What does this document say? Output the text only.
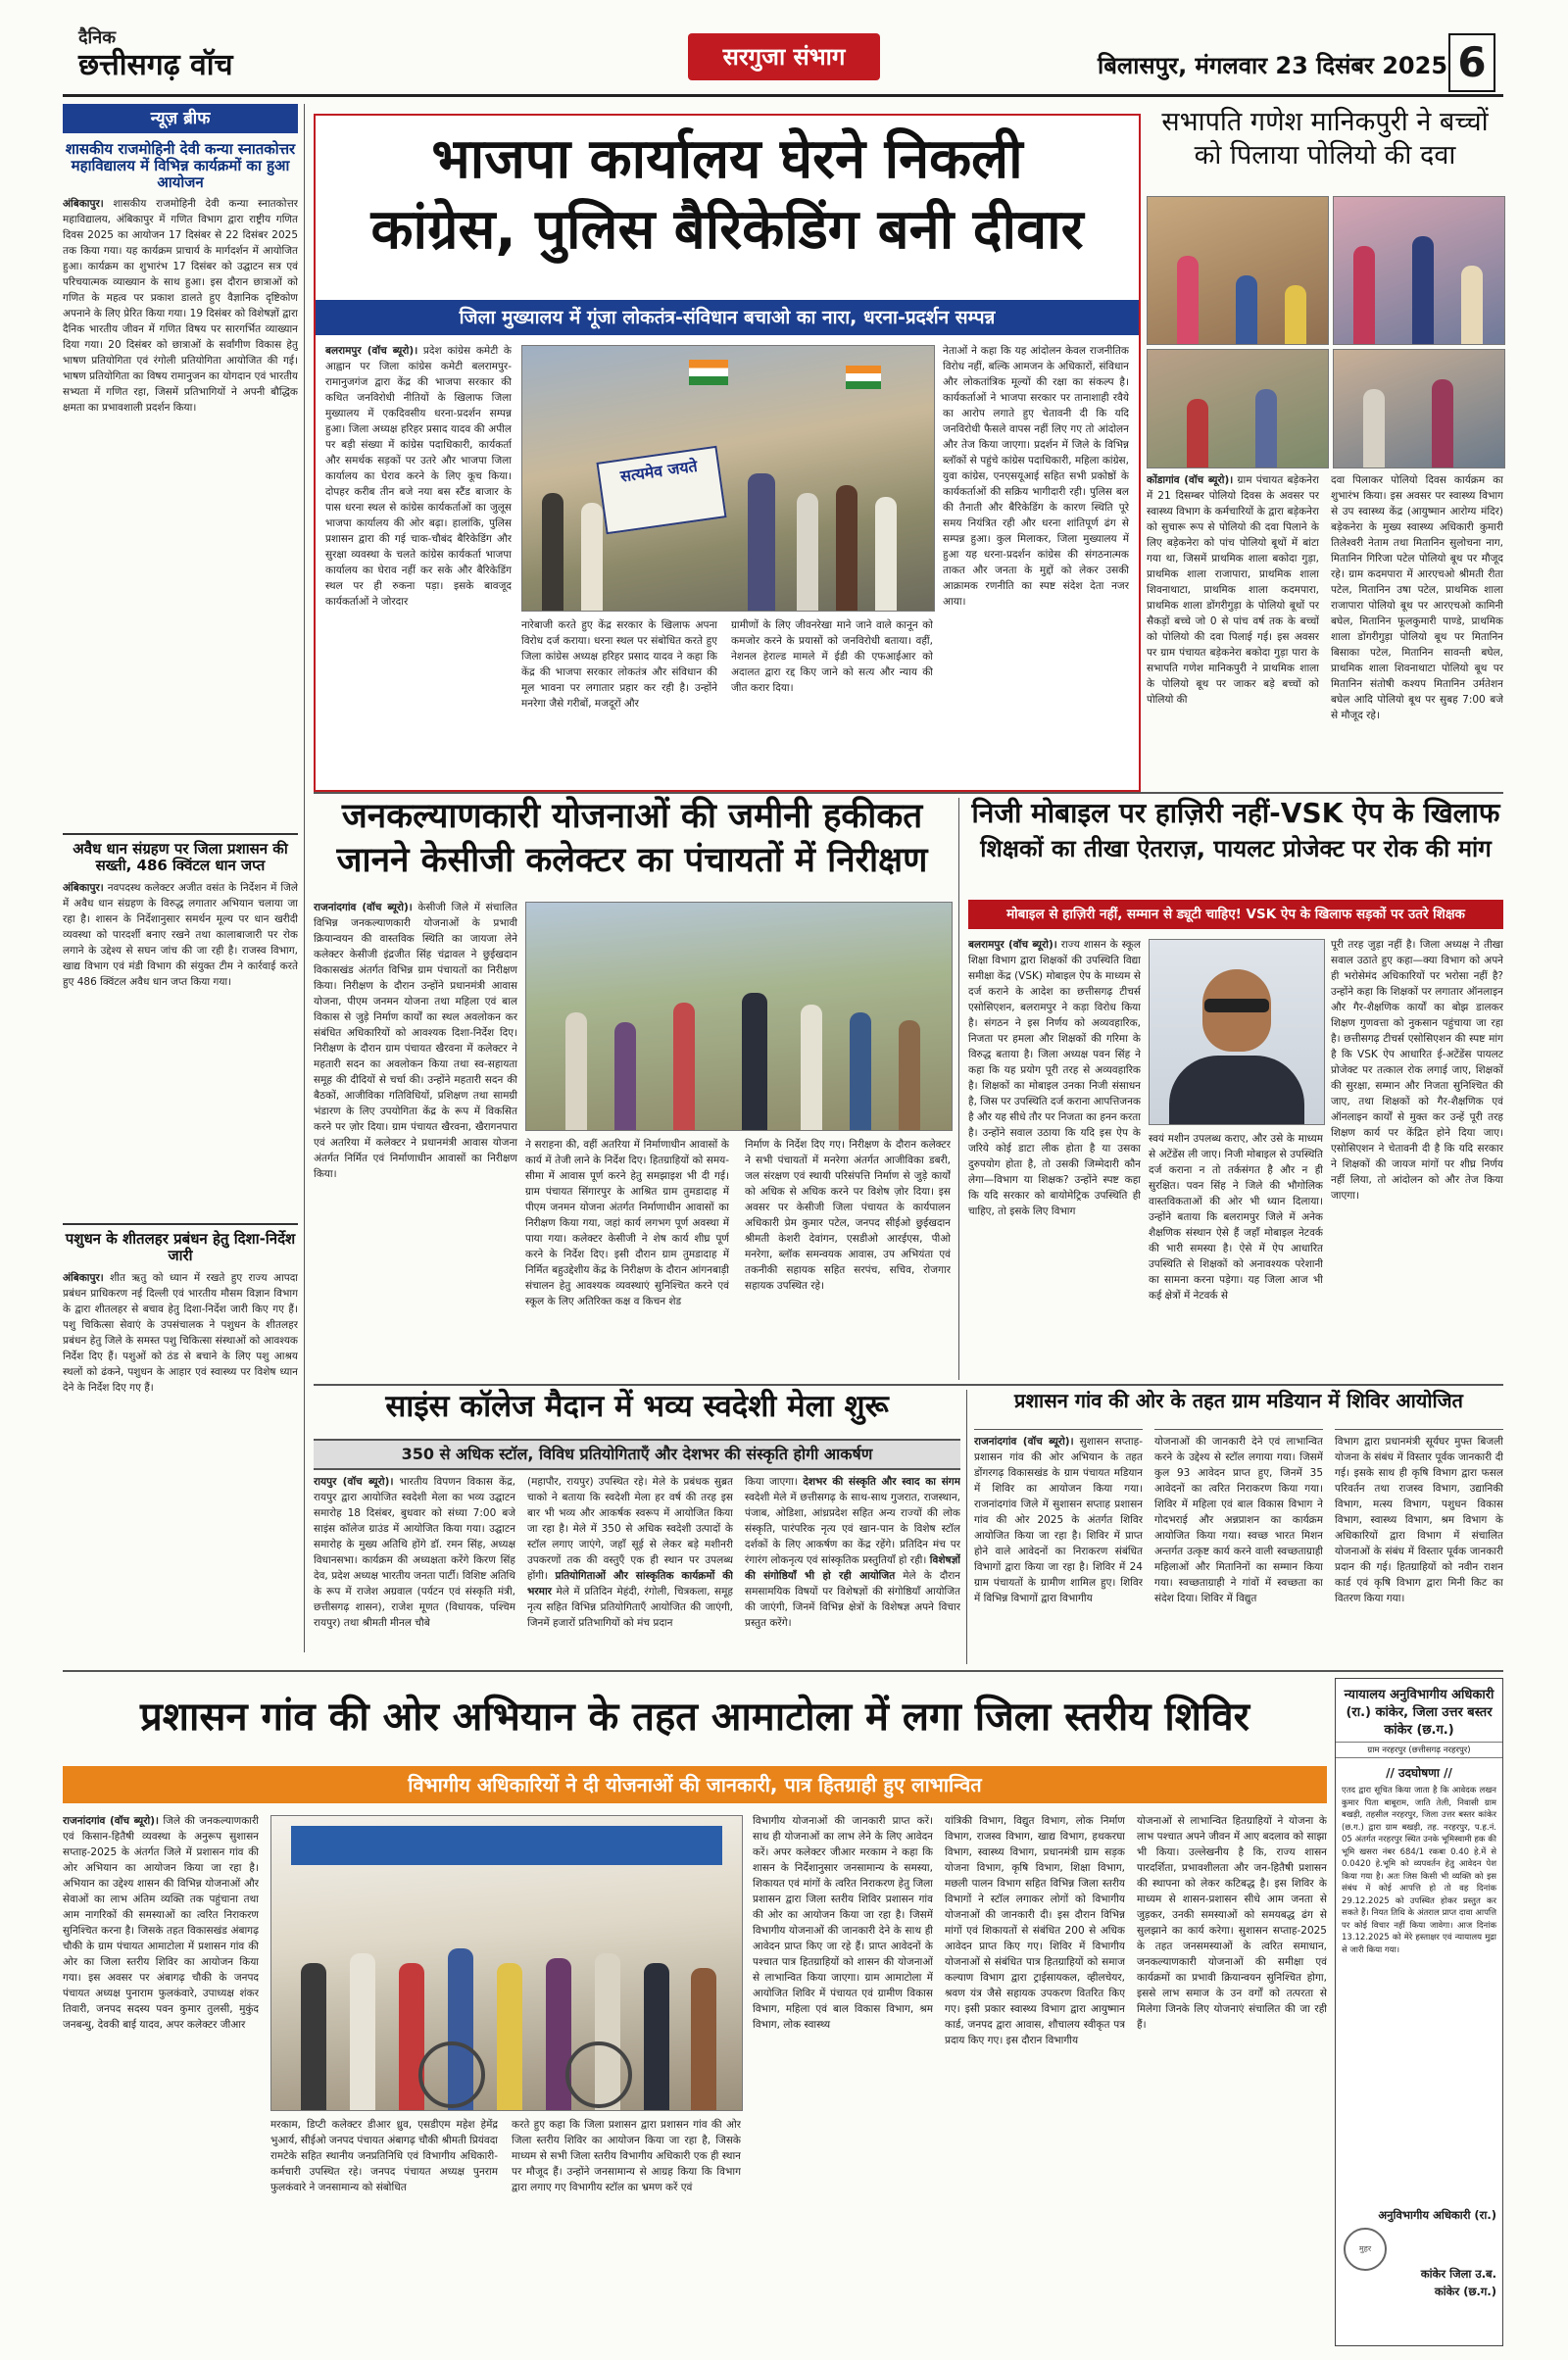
दैनिक
छत्तीसगढ़ वॉच	सरगुजा संभाग	बिलासपुर, मंगलवार 23 दिसंबर 2025 6
न्यूज़ ब्रीफ
शासकीय राजमोहिनी देवी कन्या स्नातकोत्तर महाविद्यालय में विभिन्न कार्यक्रमों का हुआ आयोजन
अंबिकापुर। शासकीय राजमोहिनी देवी कन्या स्नातकोत्तर महाविद्यालय, अंबिकापुर में गणित विभाग द्वारा राष्ट्रीय गणित दिवस 2025 का आयोजन 17 दिसंबर से 22 दिसंबर 2025 तक किया गया। यह कार्यक्रम प्राचार्य के मार्गदर्शन में आयोजित हुआ। कार्यक्रम का शुभारंभ 17 दिसंबर को उद्घाटन सत्र एवं परिचयात्मक व्याख्यान के साथ हुआ। इस दौरान छात्राओं को गणित के महत्व पर प्रकाश डालते हुए वैज्ञानिक दृष्टिकोण अपनाने के लिए प्रेरित किया गया। 19 दिसंबर को विशेषज्ञों द्वारा दैनिक भारतीय जीवन में गणित विषय पर सारगर्भित व्याख्यान दिया गया। 20 दिसंबर को छात्राओं के सर्वांगीण विकास हेतु भाषण प्रतियोगिता एवं रंगोली प्रतियोगिता आयोजित की गई। भाषण प्रतियोगिता का विषय रामानुजन का योगदान एवं भारतीय सभ्यता में गणित रहा, जिसमें प्रतिभागियों ने अपनी बौद्धिक क्षमता का प्रभावशाली प्रदर्शन किया।
अवैध धान संग्रहण पर जिला प्रशासन की सख्ती, 486 क्विंटल धान जप्त
अंबिकापुर। नवपदस्थ कलेक्टर अजीत वसंत के निर्देशन में जिले में अवैध धान संग्रहण के विरुद्ध लगातार अभियान चलाया जा रहा है। शासन के निर्देशानुसार समर्थन मूल्य पर धान खरीदी व्यवस्था को पारदर्शी बनाए रखने तथा कालाबाजारी पर रोक लगाने के उद्देश्य से सघन जांच की जा रही है। राजस्व विभाग, खाद्य विभाग एवं मंडी विभाग की संयुक्त टीम ने कार्रवाई करते हुए 486 क्विंटल अवैध धान जप्त किया गया।
पशुधन के शीतलहर प्रबंधन हेतु दिशा-निर्देश जारी
अंबिकापुर। शीत ऋतु को ध्यान में रखते हुए राज्य आपदा प्रबंधन प्राधिकरण नई दिल्ली एवं भारतीय मौसम विज्ञान विभाग के द्वारा शीतलहर से बचाव हेतु दिशा-निर्देश जारी किए गए हैं। पशु चिकित्सा सेवाएं के उपसंचालक ने पशुधन के शीतलहर प्रबंधन हेतु जिले के समस्त पशु चिकित्सा संस्थाओं को आवश्यक निर्देश दिए हैं। पशुओं को ठंड से बचाने के लिए पशु आश्रय स्थलों को ढंकने, पशुधन के आहार एवं स्वास्थ्य पर विशेष ध्यान देने के निर्देश दिए गए हैं।
भाजपा कार्यालय घेरने निकली
कांग्रेस, पुलिस बैरिकेडिंग बनी दीवार
जिला मुख्यालय में गूंजा लोकतंत्र-संविधान बचाओ का नारा, धरना-प्रदर्शन सम्पन्न
बलरामपुर (वॉच ब्यूरो)। प्रदेश कांग्रेस कमेटी के आह्वान पर जिला कांग्रेस कमेटी बलरामपुर-रामानुजगंज द्वारा केंद्र की भाजपा सरकार की कथित जनविरोधी नीतियों के खिलाफ जिला मुख्यालय में एकदिवसीय धरना-प्रदर्शन सम्पन्न हुआ। जिला अध्यक्ष हरिहर प्रसाद यादव की अपील पर बड़ी संख्या में कांग्रेस पदाधिकारी, कार्यकर्ता और समर्थक सड़कों पर उतरे और भाजपा जिला कार्यालय का घेराव करने के लिए कूच किया। दोपहर करीब तीन बजे नया बस स्टैंड बाजार के पास धरना स्थल से कांग्रेस कार्यकर्ताओं का जुलूस भाजपा कार्यालय की ओर बढ़ा। हालांकि, पुलिस प्रशासन द्वारा की गई चाक-चौबंद बैरिकेडिंग और सुरक्षा व्यवस्था के चलते कांग्रेस कार्यकर्ता भाजपा कार्यालय का घेराव नहीं कर सके और बैरिकेडिंग स्थल पर ही रुकना पड़ा। इसके बावजूद कार्यकर्ताओं ने जोरदार
सत्यमेव जयते
नारेबाजी करते हुए केंद्र सरकार के खिलाफ अपना विरोध दर्ज कराया। धरना स्थल पर संबोधित करते हुए जिला कांग्रेस अध्यक्ष हरिहर प्रसाद यादव ने कहा कि केंद्र की भाजपा सरकार लोकतंत्र और संविधान की मूल भावना पर लगातार प्रहार कर रही है। उन्होंने मनरेगा जैसे गरीबों, मजदूरों और
ग्रामीणों के लिए जीवनरेखा माने जाने वाले कानून को कमजोर करने के प्रयासों को जनविरोधी बताया। वहीं, नेशनल हेराल्ड मामले में ईडी की एफआईआर को अदालत द्वारा रद्द किए जाने को सत्य और न्याय की जीत करार दिया।
नेताओं ने कहा कि यह आंदोलन केवल राजनीतिक विरोध नहीं, बल्कि आमजन के अधिकारों, संविधान और लोकतांत्रिक मूल्यों की रक्षा का संकल्प है। कार्यकर्ताओं ने भाजपा सरकार पर तानाशाही रवैये का आरोप लगाते हुए चेतावनी दी कि यदि जनविरोधी फैसले वापस नहीं लिए गए तो आंदोलन और तेज किया जाएगा। प्रदर्शन में जिले के विभिन्न ब्लॉकों से पहुंचे कांग्रेस पदाधिकारी, महिला कांग्रेस, युवा कांग्रेस, एनएसयूआई सहित सभी प्रकोष्ठों के कार्यकर्ताओं की सक्रिय भागीदारी रही। पुलिस बल की तैनाती और बैरिकेडिंग के कारण स्थिति पूरे समय नियंत्रित रही और धरना शांतिपूर्ण ढंग से सम्पन्न हुआ। कुल मिलाकर, जिला मुख्यालय में हुआ यह धरना-प्रदर्शन कांग्रेस की संगठनात्मक ताकत और जनता के मुद्दों को लेकर उसकी आक्रामक रणनीति का स्पष्ट संदेश देता नजर आया।
सभापति गणेश मानिकपुरी ने बच्चों
को पिलाया पोलियो की दवा
कोंडागांव (वॉच ब्यूरो)। ग्राम पंचायत बड़ेकनेरा में 21 दिसम्बर पोलियो दिवस के अवसर पर स्वास्थ्य विभाग के कर्मचारियों के द्वारा बड़ेकनेरा को सुचारू रूप से पोलियो की दवा पिलाने के लिए बड़ेकनेरा को पांच पोलियो बूथों में बांटा गया था, जिसमें प्राथमिक शाला बकोदा गुड़ा, प्राथमिक शाला राजापारा, प्राथमिक शाला शिवनाथाटा, प्राथमिक शाला कदमपारा, प्राथमिक शाला डोंगरीगुड़ा के पोलियो बूथों पर सैकड़ों बच्चे जो 0 से पांच वर्ष तक के बच्चों को पोलियो की दवा पिलाई गई। इस अवसर पर ग्राम पंचायत बड़ेकनेरा बकोदा गुड़ा पारा के सभापति गणेश मानिकपुरी ने प्राथमिक शाला के पोलियो बूथ पर जाकर बड़े बच्चों को पोलियो की
दवा पिलाकर पोलियो दिवस कार्यक्रम का शुभारंभ किया। इस अवसर पर स्वास्थ्य विभाग से उप स्वास्थ्य केंद्र (आयुष्मान आरोग्य मंदिर) बड़ेकनेरा के मुख्य स्वास्थ्य अधिकारी कुमारी तिलेश्वरी नेताम तथा मितानिन सुलोचना नाग, मितानिन गिरिजा पटेल पोलियो बूथ पर मौजूद रहे। ग्राम कदमपारा में आरएचओ श्रीमती रीता पटेल, मितानिन उषा पटेल, प्राथमिक शाला राजापारा पोलियो बूथ पर आरएचओ कामिनी बघेल, मितानिन फूलकुमारी पाण्डे, प्राथमिक शाला डोंगरीगुड़ा पोलियो बूथ पर मितानिन बिसाका पटेल, मितानिन सावन्ती बघेल, प्राथमिक शाला शिवनाथाटा पोलियो बूथ पर मितानिन संतोषी कश्यप मितानिन उर्मतेशन बघेल आदि पोलियो बूथ पर सुबह 7:00 बजे से मौजूद रहे।
जनकल्याणकारी योजनाओं की जमीनी हकीकत
जानने केसीजी कलेक्टर का पंचायतों में निरीक्षण
राजनांदगांव (वॉच ब्यूरो)। केसीजी जिले में संचालित विभिन्न जनकल्याणकारी योजनाओं के प्रभावी क्रियान्वयन की वास्तविक स्थिति का जायजा लेने कलेक्टर केसीजी इंद्रजीत सिंह चंद्रावल ने छुईखदान विकासखंड अंतर्गत विभिन्न ग्राम पंचायतों का निरीक्षण किया। निरीक्षण के दौरान उन्होंने प्रधानमंत्री आवास योजना, पीएम जनमन योजना तथा महिला एवं बाल विकास से जुड़े निर्माण कार्यों का स्थल अवलोकन कर संबंधित अधिकारियों को आवश्यक दिशा-निर्देश दिए। निरीक्षण के दौरान ग्राम पंचायत खैरवना में कलेक्टर ने महतारी सदन का अवलोकन किया तथा स्व-सहायता समूह की दीदियों से चर्चा की। उन्होंने महतारी सदन की बैठकों, आजीविका गतिविधियों, प्रशिक्षण तथा सामग्री भंडारण के लिए उपयोगिता केंद्र के रूप में विकसित करने पर ज़ोर दिया। ग्राम पंचायत खैरवना, खैरागनपारा एवं अतरिया में कलेक्टर ने प्रधानमंत्री आवास योजना अंतर्गत निर्मित एवं निर्माणाधीन आवासों का निरीक्षण किया।
ने सराहना की, वहीं अतरिया में निर्माणाधीन आवासों के कार्य में तेजी लाने के निर्देश दिए। हितग्राहियों को समय-सीमा में आवास पूर्ण करने हेतु समझाइश भी दी गई। ग्राम पंचायत सिंगारपुर के आश्रित ग्राम तुमडादाह में पीएम जनमन योजना अंतर्गत निर्माणाधीन आवासों का निरीक्षण किया गया, जहां कार्य लगभग पूर्ण अवस्था में पाया गया। कलेक्टर केसीजी ने शेष कार्य शीघ्र पूर्ण करने के निर्देश दिए। इसी दौरान ग्राम तुमडादाह में निर्मित बहुउद्देशीय केंद्र के निरीक्षण के दौरान आंगनबाड़ी संचालन हेतु आवश्यक व्यवस्थाएं सुनिश्चित करने एवं स्कूल के लिए अतिरिक्त कक्ष व किचन शेड
निर्माण के निर्देश दिए गए। निरीक्षण के दौरान कलेक्टर ने सभी पंचायतों में मनरेगा अंतर्गत आजीविका डबरी, जल संरक्षण एवं स्थायी परिसंपत्ति निर्माण से जुड़े कार्यों को अधिक से अधिक करने पर विशेष ज़ोर दिया। इस अवसर पर केसीजी जिला पंचायत के कार्यपालन अधिकारी प्रेम कुमार पटेल, जनपद सीईओ छुईखदान श्रीमती केशरी देवांगन, एसडीओ आरईएस, पीओ मनरेगा, ब्लॉक समन्वयक आवास, उप अभियंता एवं तकनीकी सहायक सहित सरपंच, सचिव, रोजगार सहायक उपस्थित रहे।
निजी मोबाइल पर हाज़िरी नहीं-VSK ऐप के खिलाफ
शिक्षकों का तीखा ऐतराज़, पायलट प्रोजेक्ट पर रोक की मांग
मोबाइल से हाज़िरी नहीं, सम्मान से ड्यूटी चाहिए! VSK ऐप के खिलाफ सड़कों पर उतरे शिक्षक
बलरामपुर (वॉच ब्यूरो)। राज्य शासन के स्कूल शिक्षा विभाग द्वारा शिक्षकों की उपस्थिति विद्या समीक्षा केंद्र (VSK) मोबाइल ऐप के माध्यम से दर्ज कराने के आदेश का छत्तीसगढ़ टीचर्स एसोसिएशन, बलरामपुर ने कड़ा विरोध किया है। संगठन ने इस निर्णय को अव्यवहारिक, निजता पर हमला और शिक्षकों की गरिमा के विरुद्ध बताया है। जिला अध्यक्ष पवन सिंह ने कहा कि यह प्रयोग पूरी तरह से अव्यवहारिक है। शिक्षकों का मोबाइल उनका निजी संसाधन है, जिस पर उपस्थिति दर्ज कराना आपत्तिजनक है और यह सीधे तौर पर निजता का हनन करता है। उन्होंने सवाल उठाया कि यदि इस ऐप के जरिये कोई डाटा लीक होता है या उसका दुरुपयोग होता है, तो उसकी जिम्मेदारी कौन लेगा—विभाग या शिक्षक? उन्होंने स्पष्ट कहा कि यदि सरकार को बायोमेट्रिक उपस्थिति ही चाहिए, तो इसके लिए विभाग
स्वयं मशीन उपलब्ध कराए, और उसे के माध्यम से अटेंडेंस ली जाए। निजी मोबाइल से उपस्थिति दर्ज कराना न तो तर्कसंगत है और न ही सुरक्षित। पवन सिंह ने जिले की भौगोलिक वास्तविकताओं की ओर भी ध्यान दिलाया। उन्होंने बताया कि बलरामपुर जिले में अनेक शैक्षणिक संस्थान ऐसे हैं जहाँ मोबाइल नेटवर्क की भारी समस्या है। ऐसे में ऐप आधारित उपस्थिति से शिक्षकों को अनावश्यक परेशानी का सामना करना पड़ेगा। यह जिला आज भी कई क्षेत्रों में नेटवर्क से
पूरी तरह जुड़ा नहीं है। जिला अध्यक्ष ने तीखा सवाल उठाते हुए कहा—क्या विभाग को अपने ही भरोसेमंद अधिकारियों पर भरोसा नहीं है? उन्होंने कहा कि शिक्षकों पर लगातार ऑनलाइन और गैर-शैक्षणिक कार्यों का बोझ डालकर शिक्षण गुणवत्ता को नुकसान पहुंचाया जा रहा है। छत्तीसगढ़ टीचर्स एसोसिएशन की स्पष्ट मांग है कि VSK ऐप आधारित ई-अटेंडेंस पायलट प्रोजेक्ट पर तत्काल रोक लगाई जाए, शिक्षकों की सुरक्षा, सम्मान और निजता सुनिश्चित की जाए, तथा शिक्षकों को गैर-शैक्षणिक एवं ऑनलाइन कार्यों से मुक्त कर उन्हें पूरी तरह शिक्षण कार्य पर केंद्रित होने दिया जाए। एसोसिएशन ने चेतावनी दी है कि यदि सरकार ने शिक्षकों की जायज मांगों पर शीघ्र निर्णय नहीं लिया, तो आंदोलन को और तेज किया जाएगा।
साइंस कॉलेज मैदान में भव्य स्वदेशी मेला शुरू
350 से अधिक स्टॉल, विविध प्रतियोगिताएँ और देशभर की संस्कृति होगी आकर्षण
रायपुर (वॉच ब्यूरो)। भारतीय विपणन विकास केंद्र, रायपुर द्वारा आयोजित स्वदेशी मेला का भव्य उद्घाटन समारोह 18 दिसंबर, बुधवार को संध्या 7:00 बजे साइंस कॉलेज ग्राउंड में आयोजित किया गया। उद्घाटन समारोह के मुख्य अतिथि होंगे डॉ. रमन सिंह, अध्यक्ष विधानसभा। कार्यक्रम की अध्यक्षता करेंगे किरण सिंह देव, प्रदेश अध्यक्ष भारतीय जनता पार्टी। विशिष्ट अतिथि के रूप में राजेश अग्रवाल (पर्यटन एवं संस्कृति मंत्री, छत्तीसगढ़ शासन), राजेश मूणत (विधायक, पश्चिम रायपुर) तथा श्रीमती मीनल चौबे
(महापौर, रायपुर) उपस्थित रहे। मेले के प्रबंधक सुब्रत चाको ने बताया कि स्वदेशी मेला हर वर्ष की तरह इस बार भी भव्य और आकर्षक स्वरूप में आयोजित किया जा रहा है। मेले में 350 से अधिक स्वदेशी उत्पादों के स्टॉल लगाए जाएंगे, जहाँ सूई से लेकर बड़े मशीनरी उपकरणों तक की वस्तुएँ एक ही स्थान पर उपलब्ध होंगी। प्रतियोगिताओं और सांस्कृतिक कार्यक्रमों की भरमार मेले में प्रतिदिन मेहंदी, रंगोली, चित्रकला, समूह नृत्य सहित विभिन्न प्रतियोगिताएँ आयोजित की जाएंगी, जिनमें हजारों प्रतिभागियों को मंच प्रदान
किया जाएगा। देशभर की संस्कृति और स्वाद का संगम स्वदेशी मेले में छत्तीसगढ़ के साथ-साथ गुजरात, राजस्थान, पंजाब, ओडिशा, आंध्रप्रदेश सहित अन्य राज्यों की लोक संस्कृति, पारंपरिक नृत्य एवं खान-पान के विशेष स्टॉल दर्शकों के लिए आकर्षण का केंद्र रहेंगे। प्रतिदिन मंच पर रंगारंग लोकनृत्य एवं सांस्कृतिक प्रस्तुतियाँ हो रही। विशेषज्ञों की संगोष्ठियाँ भी हो रही आयोजित मेले के दौरान समसामयिक विषयों पर विशेषज्ञों की संगोष्ठियाँ आयोजित की जाएंगी, जिनमें विभिन्न क्षेत्रों के विशेषज्ञ अपने विचार प्रस्तुत करेंगे।
प्रशासन गांव की ओर के तहत ग्राम मडियान में शिविर आयोजित
राजनांदगांव (वॉच ब्यूरो)। सुशासन सप्ताह-प्रशासन गांव की ओर अभियान के तहत डोंगरगढ़ विकासखंड के ग्राम पंचायत मडियान में शिविर का आयोजन किया गया। राजनांदगांव जिले में सुशासन सप्ताह प्रशासन गांव की ओर 2025 के अंतर्गत शिविर आयोजित किया जा रहा है। शिविर में प्राप्त होने वाले आवेदनों का निराकरण संबंधित विभागों द्वारा किया जा रहा है। शिविर में 24 ग्राम पंचायतों के ग्रामीण शामिल हुए। शिविर में विभिन्न विभागों द्वारा विभागीय
योजनाओं की जानकारी देने एवं लाभान्वित करने के उद्देश्य से स्टॉल लगाया गया। जिसमें कुल 93 आवेदन प्राप्त हुए, जिनमें 35 आवेदनों का त्वरित निराकरण किया गया। शिविर में महिला एवं बाल विकास विभाग ने गोदभराई और अन्नप्राशन का कार्यक्रम आयोजित किया गया। स्वच्छ भारत मिशन अन्तर्गत उत्कृष्ट कार्य करने वाली स्वच्छताग्राही महिलाओं और मितानिनों का सम्मान किया गया। स्वच्छताग्राही ने गांवों में स्वच्छता का संदेश दिया। शिविर में विद्युत
विभाग द्वारा प्रधानमंत्री सूर्यघर मुफ्त बिजली योजना के संबंध में विस्तार पूर्वक जानकारी दी गई। इसके साथ ही कृषि विभाग द्वारा फसल परिवर्तन तथा राजस्व विभाग, उद्यानिकी विभाग, मत्स्य विभाग, पशुधन विकास विभाग, स्वास्थ्य विभाग, श्रम विभाग के अधिकारियों द्वारा विभाग में संचालित योजनाओं के संबंध में विस्तार पूर्वक जानकारी प्रदान की गई। हितग्राहियों को नवीन राशन कार्ड एवं कृषि विभाग द्वारा मिनी किट का वितरण किया गया।
प्रशासन गांव की ओर अभियान के तहत आमाटोला में लगा जिला स्तरीय शिविर
विभागीय अधिकारियों ने दी योजनाओं की जानकारी, पात्र हितग्राही हुए लाभान्वित
राजनांदगांव (वॉच ब्यूरो)। जिले की जनकल्याणकारी एवं किसान-हितैषी व्यवस्था के अनुरूप सुशासन सप्ताह-2025 के अंतर्गत जिले में प्रशासन गांव की ओर अभियान का आयोजन किया जा रहा है। अभियान का उद्देश्य शासन की विभिन्न योजनाओं और सेवाओं का लाभ अंतिम व्यक्ति तक पहुंचाना तथा आम नागरिकों की समस्याओं का त्वरित निराकरण सुनिश्चित करना है। जिसके तहत विकासखंड अंबागढ़ चौकी के ग्राम पंचायत आमाटोला में प्रशासन गांव की ओर का जिला स्तरीय शिविर का आयोजन किया गया। इस अवसर पर अंबागढ़ चौकी के जनपद पंचायत अध्यक्ष पुनाराम फुलकंवारे, उपाध्यक्ष शंकर तिवारी, जनपद सदस्य पवन कुमार तुलसी, मुकुंद जनबन्धु, देवकी बाई यादव, अपर कलेक्टर जीआर
मरकाम, डिप्टी कलेक्टर डीआर ध्रुव, एसडीएम महेश हेमेंद्र भुआर्य, सीईओ जनपद पंचायत अंबागढ़ चौकी श्रीमती प्रियंवदा रामटेके सहित स्थानीय जनप्रतिनिधि एवं विभागीय अधिकारी-कर्मचारी उपस्थित रहे। जनपद पंचायत अध्यक्ष पुनराम फुलकंवारे ने जनसामान्य को संबोधित
करते हुए कहा कि जिला प्रशासन द्वारा प्रशासन गांव की ओर जिला स्तरीय शिविर का आयोजन किया जा रहा है, जिसके माध्यम से सभी जिला स्तरीय विभागीय अधिकारी एक ही स्थान पर मौजूद हैं। उन्होंने जनसामान्य से आग्रह किया कि विभाग द्वारा लगाए गए विभागीय स्टॉल का भ्रमण करें एवं
विभागीय योजनाओं की जानकारी प्राप्त करें। साथ ही योजनाओं का लाभ लेने के लिए आवेदन करें। अपर कलेक्टर जीआर मरकाम ने कहा कि शासन के निर्देशानुसार जनसामान्य के समस्या, शिकायत एवं मांगों के त्वरित निराकरण हेतु जिला प्रशासन द्वारा जिला स्तरीय शिविर प्रशासन गांव की ओर का आयोजन किया जा रहा है। जिसमें विभागीय योजनाओं की जानकारी देने के साथ ही आवेदन प्राप्त किए जा रहे हैं। प्राप्त आवेदनों के पश्चात पात्र हितग्राहियों को शासन की योजनाओं से लाभान्वित किया जाएगा। ग्राम आमाटोला में आयोजित शिविर में पंचायत एवं ग्रामीण विकास विभाग, महिला एवं बाल विकास विभाग, श्रम विभाग, लोक स्वास्थ्य
यांत्रिकी विभाग, विद्युत विभाग, लोक निर्माण विभाग, राजस्व विभाग, खाद्य विभाग, हथकरघा विभाग, स्वास्थ्य विभाग, प्रधानमंत्री ग्राम सड़क योजना विभाग, कृषि विभाग, शिक्षा विभाग, मछली पालन विभाग सहित विभिन्न जिला स्तरीय विभागों ने स्टॉल लगाकर लोगों को विभागीय योजनाओं की जानकारी दी। इस दौरान विभिन्न मांगों एवं शिकायतों से संबंधित 200 से अधिक आवेदन प्राप्त किए गए। शिविर में विभागीय योजनाओं से संबंधित पात्र हितग्राहियों को समाज कल्याण विभाग द्वारा ट्राईसायकल, व्हीलचेयर, श्रवण यंत्र जैसे सहायक उपकरण वितरित किए गए। इसी प्रकार स्वास्थ्य विभाग द्वारा आयुष्मान कार्ड, जनपद द्वारा आवास, शौचालय स्वीकृत पत्र प्रदाय किए गए। इस दौरान विभागीय
योजनाओं से लाभान्वित हितग्राहियों ने योजना के लाभ पश्चात अपने जीवन में आए बदलाव को साझा भी किया। उल्लेखनीय है कि, राज्य शासन पारदर्शिता, प्रभावशीलता और जन-हितैषी प्रशासन की स्थापना को लेकर कटिबद्ध है। इस शिविर के माध्यम से शासन-प्रशासन सीधे आम जनता से जुड़कर, उनकी समस्याओं को समयबद्ध ढंग से सुलझाने का कार्य करेगा। सुशासन सप्ताह-2025 के तहत जनसमस्याओं के त्वरित समाधान, जनकल्याणकारी योजनाओं की समीक्षा एवं कार्यक्रमों का प्रभावी क्रियान्वयन सुनिश्चित होगा, इससे लाभ समाज के उन वर्गों को तत्परता से मिलेगा जिनके लिए योजनाएं संचालित की जा रही हैं।
न्यायालय अनुविभागीय अधिकारी
(रा.) कांकेर, जिला उत्तर बस्तर
कांकेर (छ.ग.)
ग्राम नरहरपुर (छत्तीसगढ़ नरहरपुर)
// उदघोषणा //
एतद द्वारा सूचित किया जाता है कि आवेदक लखन कुमार पिता बाबूराम, जाति तेली, निवासी ग्राम बखड़ी, तहसील नरहरपुर, जिला उत्तर बस्तर कांकेर (छ.ग.) द्वारा ग्राम बखड़ी, तह. नरहरपुर, प.ह.नं. 05 अंतर्गत नरहरपुर स्थित उनके भूमिस्वामी हक की भूमि खसरा नंबर 684/1 रकबा 0.40 हे.में से 0.0420 हे.भूमि को व्यपवर्तन हेतु आवेदन पेश किया गया है। अतः जिस किसी भी व्यक्ति को इस संबंध में कोई आपत्ति हो तो वह दिनांक 29.12.2025 को उपस्थित होकर प्रस्तुत कर सकते हैं। नियत तिथि के अंतराल प्राप्त दावा आपत्ति पर कोई विचार नहीं किया जावेगा। आज दिनांक 13.12.2025 को मेरे हस्ताक्षर एवं न्यायालय मुद्रा से जारी किया गया।
मुहर
अनुविभागीय अधिकारी (रा.)
कांकेर जिला उ.ब.
कांकेर (छ.ग.)
